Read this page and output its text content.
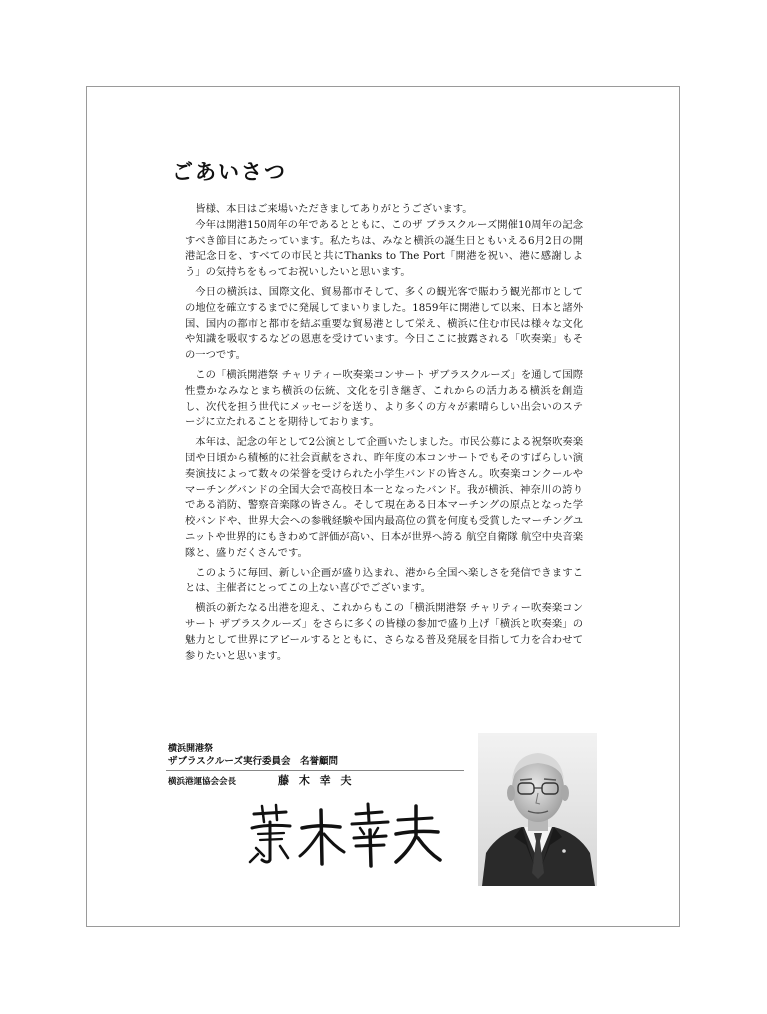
ごあいさつ

皆様、本日はご来場いただきましてありがとうございます。

今年は開港150周年の年であるとともに、このザ ブラスクルーズ開催10周年の記念すべき節目にあたっています。私たちは、みなと横浜の誕生日ともいえる6月2日の開港記念日を、すべての市民と共にThanks to The Port「開港を祝い、港に感謝しよう」の気持ちをもってお祝いしたいと思います。

今日の横浜は、国際文化、貿易都市そして、多くの観光客で賑わう観光都市としての地位を確立するまでに発展してまいりました。1859年に開港して以来、日本と諸外国、国内の都市と都市を結ぶ重要な貿易港として栄え、横浜に住む市民は様々な文化や知識を吸収するなどの恩恵を受けています。今日ここに披露される「吹奏楽」もその一つです。

この「横浜開港祭 チャリティー吹奏楽コンサート ザブラスクルーズ」を通して国際性豊かなみなとまち横浜の伝統、文化を引き継ぎ、これからの活力ある横浜を創造し、次代を担う世代にメッセージを送り、より多くの方々が素晴らしい出会いのステージに立たれることを期待しております。

本年は、記念の年として2公演として企画いたしました。市民公募による祝祭吹奏楽団や日頃から積極的に社会貢献をされ、昨年度の本コンサートでもそのすばらしい演奏演技によって数々の栄誉を受けられた小学生バンドの皆さん。吹奏楽コンクールやマーチングバンドの全国大会で高校日本一となったバンド。我が横浜、神奈川の誇りである消防、警察音楽隊の皆さん。そして現在ある日本マーチングの原点となった学校バンドや、世界大会への参戦経験や国内最高位の賞を何度も受賞したマーチングユニットや世界的にもきわめて評価が高い、日本が世界へ誇る 航空自衛隊 航空中央音楽隊と、盛りだくさんです。

このように毎回、新しい企画が盛り込まれ、港から全国へ楽しさを発信できますことは、主催者にとってこの上ない喜びでございます。

横浜の新たなる出港を迎え、これからもこの「横浜開港祭 チャリティー吹奏楽コンサート ザブラスクルーズ」をさらに多くの皆様の参加で盛り上げ「横浜と吹奏楽」の魅力として世界にアピールするとともに、さらなる普及発展を目指して力を合わせて参りたいと思います。

横浜開港祭
ザブラスクルーズ実行委員会　名誉顧問
横浜港運協会会長	藤 木 幸 夫
